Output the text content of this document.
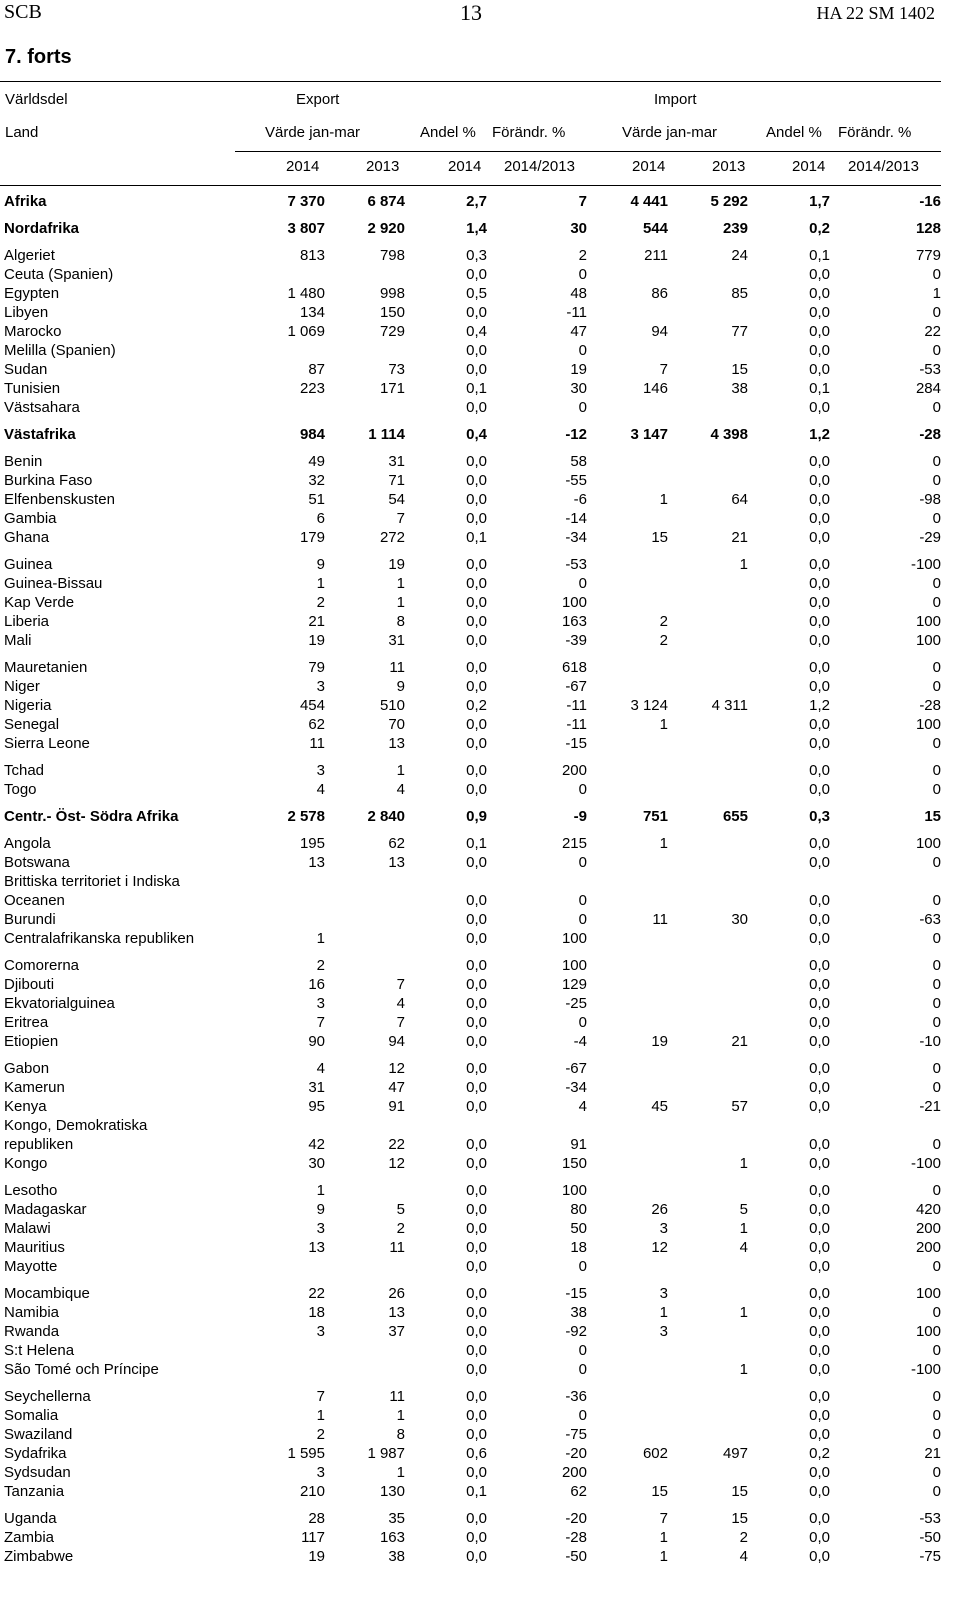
SCB	13	HA 22 SM 1402
7. forts
Världsdel	Export	Import
Land	Värde jan-mar	Andel % Förändr. %	Värde jan-mar	Andel % Förändr. %
2014	2013	2014 2014/2013	2014	2013	2014 2014/2013
Afrika	7 370	6 874	2,7	7	4 441	5 292	1,7	-16
Nordafrika	3 807	2 920	1,4	30	544	239	0,2	128
Algeriet	813	798	0,3	2	211	24	0,1	779
Ceuta (Spanien)			0,0	0			0,0	0
Egypten	1 480	998	0,5	48	86	85	0,0	1
Libyen	134	150	0,0	-11			0,0	0
Marocko	1 069	729	0,4	47	94	77	0,0	22
Melilla (Spanien)			0,0	0			0,0	0
Sudan	87	73	0,0	19	7	15	0,0	-53
Tunisien	223	171	0,1	30	146	38	0,1	284
Västsahara			0,0	0			0,0	0
Västafrika	984	1 114	0,4	-12	3 147	4 398	1,2	-28
Benin	49	31	0,0	58			0,0	0
Burkina Faso	32	71	0,0	-55			0,0	0
Elfenbenskusten	51	54	0,0	-6	1	64	0,0	-98
Gambia	6	7	0,0	-14			0,0	0
Ghana	179	272	0,1	-34	15	21	0,0	-29
Guinea	9	19	0,0	-53		1	0,0	-100
Guinea-Bissau	1	1	0,0	0			0,0	0
Kap Verde	2	1	0,0	100			0,0	0
Liberia	21	8	0,0	163	2		0,0	100
Mali	19	31	0,0	-39	2		0,0	100
Mauretanien	79	11	0,0	618			0,0	0
Niger	3	9	0,0	-67			0,0	0
Nigeria	454	510	0,2	-11	3 124	4 311	1,2	-28
Senegal	62	70	0,0	-11	1		0,0	100
Sierra Leone	11	13	0,0	-15			0,0	0
Tchad	3	1	0,0	200			0,0	0
Togo	4	4	0,0	0			0,0	0
Centr.- Öst- Södra Afrika	2 578	2 840	0,9	-9	751	655	0,3	15
Angola	195	62	0,1	215	1		0,0	100
Botswana	13	13	0,0	0			0,0	0
Brittiska territoriet i Indiska								
Oceanen			0,0	0			0,0	0
Burundi			0,0	0	11	30	0,0	-63
Centralafrikanska republiken	1		0,0	100			0,0	0
Comorerna	2		0,0	100			0,0	0
Djibouti	16	7	0,0	129			0,0	0
Ekvatorialguinea	3	4	0,0	-25			0,0	0
Eritrea	7	7	0,0	0			0,0	0
Etiopien	90	94	0,0	-4	19	21	0,0	-10
Gabon	4	12	0,0	-67			0,0	0
Kamerun	31	47	0,0	-34			0,0	0
Kenya	95	91	0,0	4	45	57	0,0	-21
Kongo, Demokratiska								
republiken	42	22	0,0	91			0,0	0
Kongo	30	12	0,0	150		1	0,0	-100
Lesotho	1		0,0	100			0,0	0
Madagaskar	9	5	0,0	80	26	5	0,0	420
Malawi	3	2	0,0	50	3	1	0,0	200
Mauritius	13	11	0,0	18	12	4	0,0	200
Mayotte			0,0	0			0,0	0
Mocambique	22	26	0,0	-15	3		0,0	100
Namibia	18	13	0,0	38	1	1	0,0	0
Rwanda	3	37	0,0	-92	3		0,0	100
S:t Helena			0,0	0			0,0	0
São Tomé och Príncipe			0,0	0		1	0,0	-100
Seychellerna	7	11	0,0	-36			0,0	0
Somalia	1	1	0,0	0			0,0	0
Swaziland	2	8	0,0	-75			0,0	0
Sydafrika	1 595	1 987	0,6	-20	602	497	0,2	21
Sydsudan	3	1	0,0	200			0,0	0
Tanzania	210	130	0,1	62	15	15	0,0	0
Uganda	28	35	0,0	-20	7	15	0,0	-53
Zambia	117	163	0,0	-28	1	2	0,0	-50
Zimbabwe	19	38	0,0	-50	1	4	0,0	-75
